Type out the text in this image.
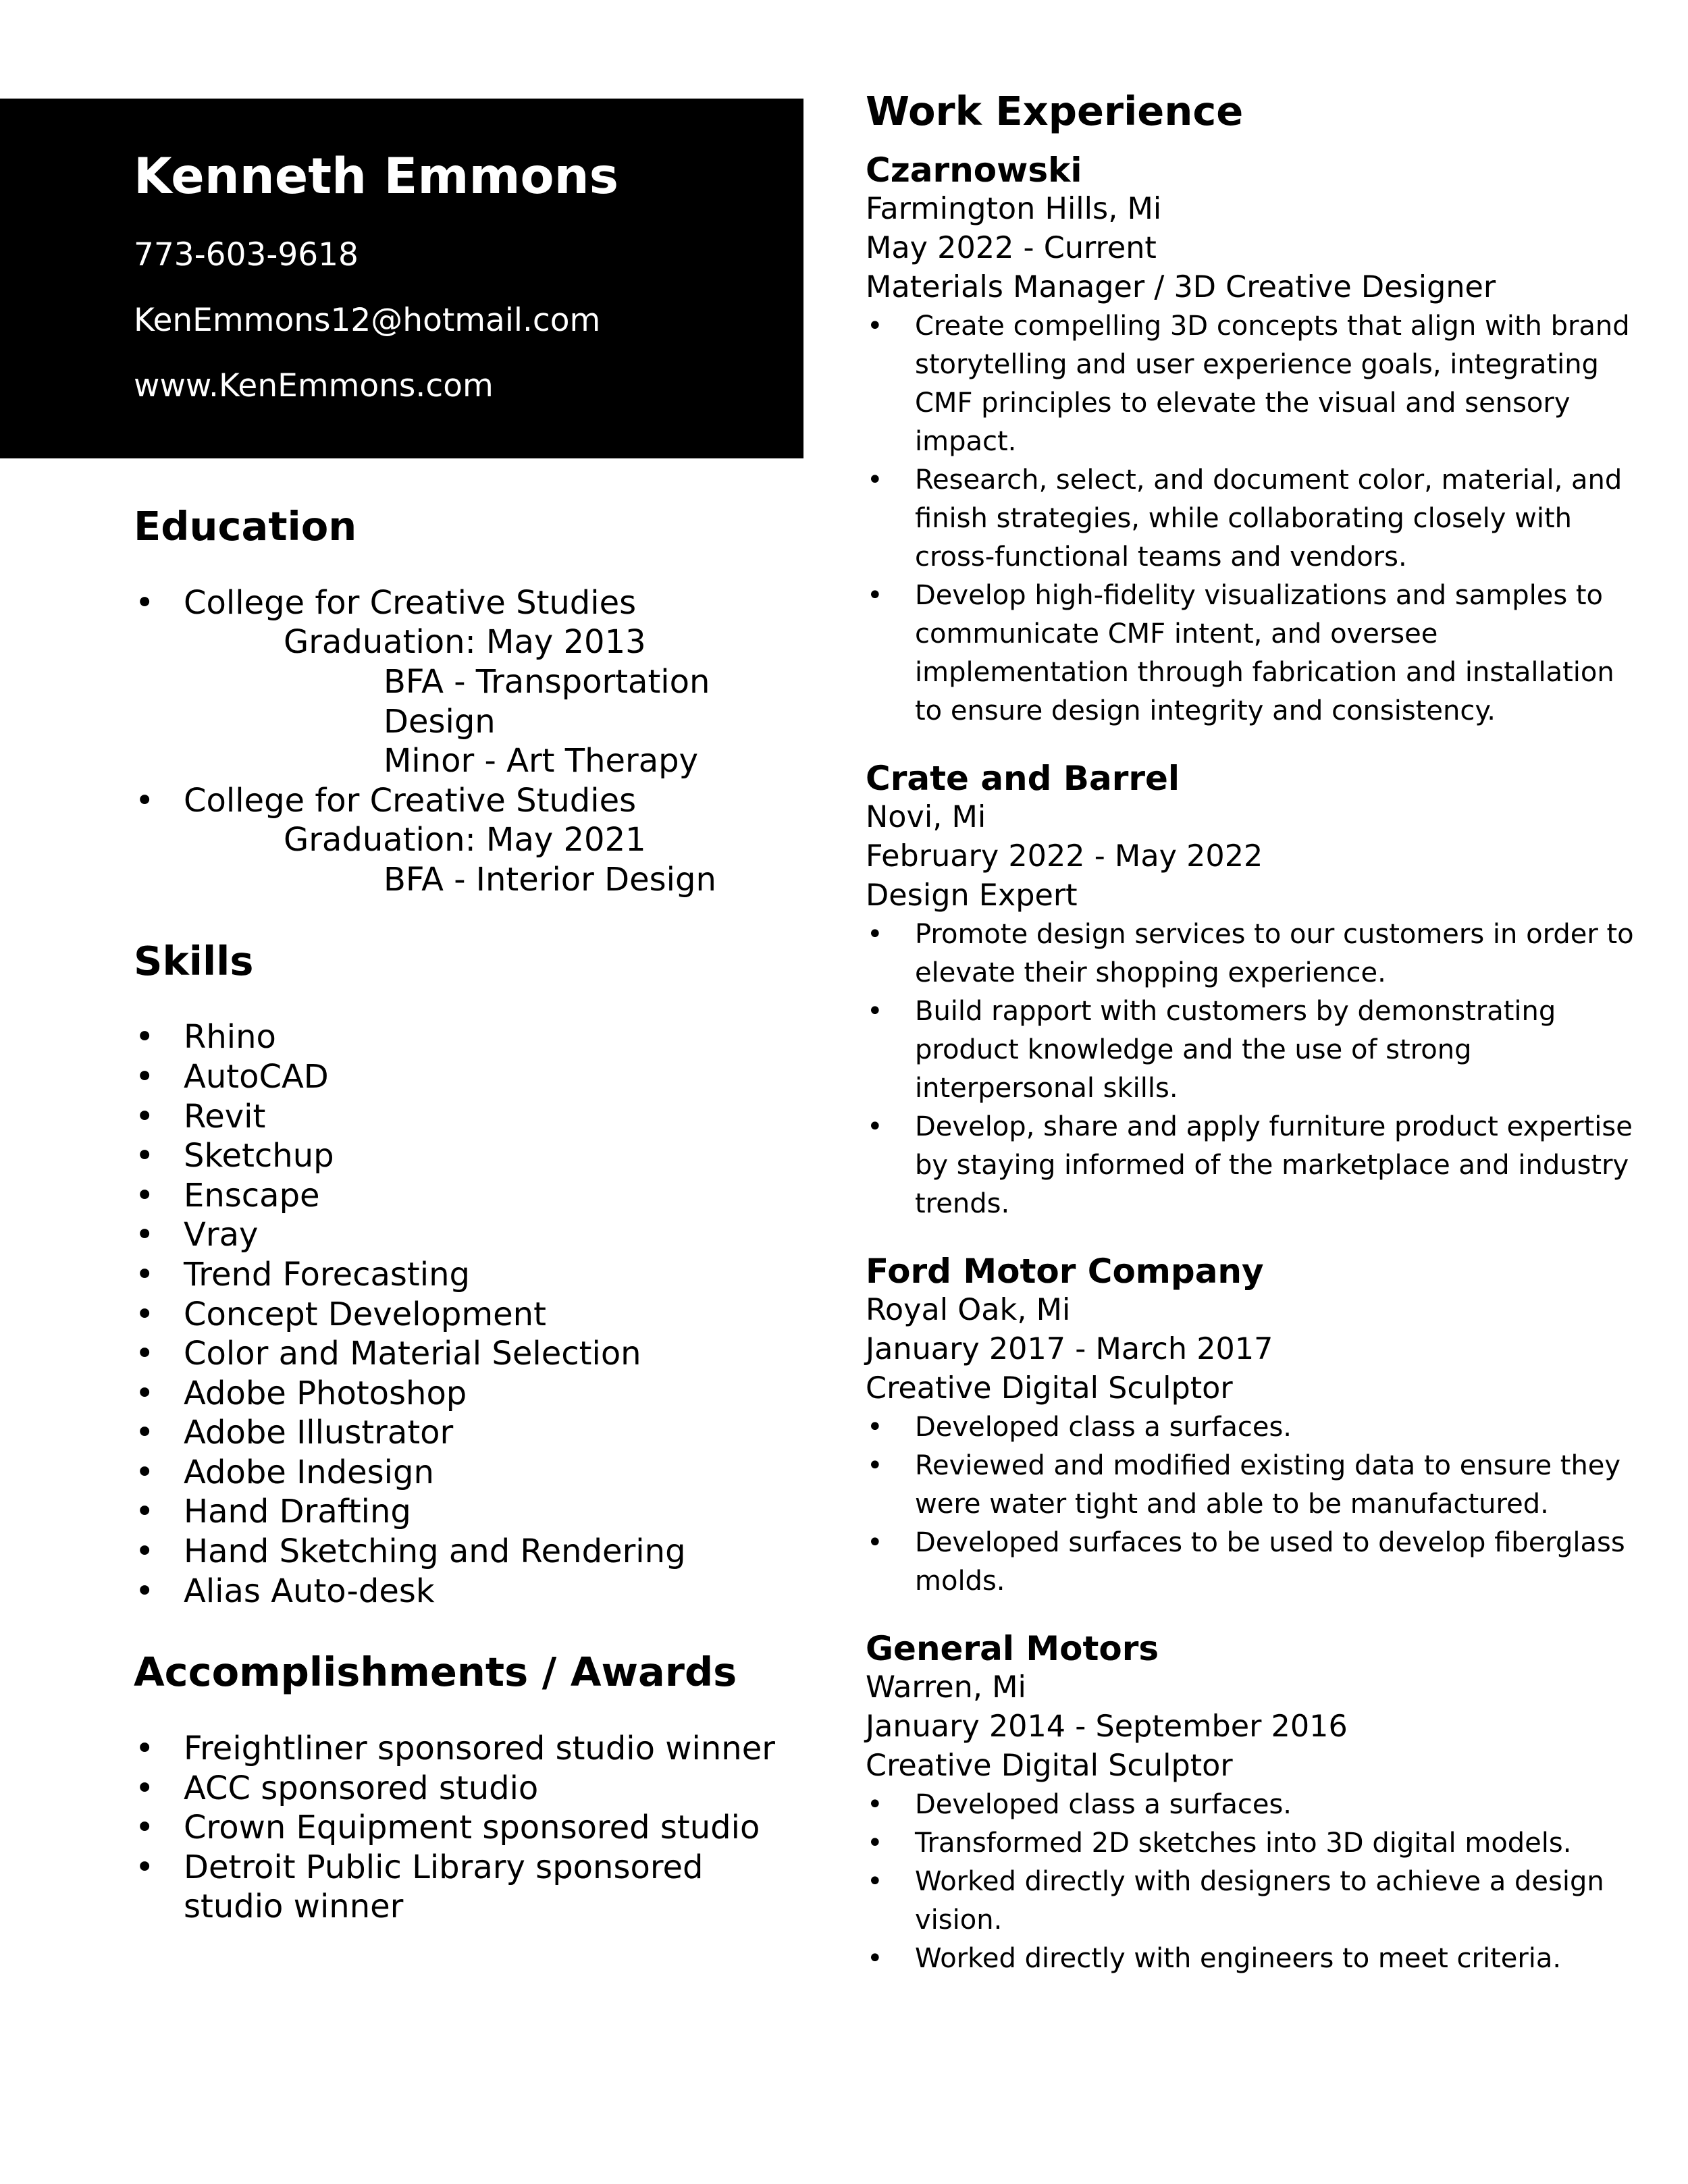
Kenneth Emmons

773-603-9618

KenEmmons12@hotmail.com

www.KenEmmons.com

Education
• College for Creative Studies
Graduation: May 2013
BFA - Transportation Design
Minor - Art Therapy
• College for Creative Studies
Graduation: May 2021
BFA - Interior Design
Skills
• Rhino
• AutoCAD
• Revit
• Sketchup
• Enscape
• Vray
• Trend Forecasting
• Concept Development
• Color and Material Selection
• Adobe Photoshop
• Adobe Illustrator
• Adobe Indesign
• Hand Drafting
• Hand Sketching and Rendering
• Alias Auto-desk
Accomplishments / Awards
• Freightliner sponsored studio winner
• ACC sponsored studio
• Crown Equipment sponsored studio
• Detroit Public Library sponsored studio winner
Work Experience

Czarnowski

Farmington Hills, Mi

May 2022 - Current

Materials Manager / 3D Creative Designer

• Create compelling 3D concepts that align with brand storytelling and user experience goals, integrating CMF principles to elevate the visual and sensory impact.
• Research, select, and document color, material, and finish strategies, while collaborating closely with cross-functional teams and vendors.
• Develop high-fidelity visualizations and samples to communicate CMF intent, and oversee implementation through fabrication and installation to ensure design integrity and consistency.

Crate and Barrel

Novi, Mi

February 2022 - May 2022

Design Expert

• Promote design services to our customers in order to elevate their shopping experience.
• Build rapport with customers by demonstrating product knowledge and the use of strong interpersonal skills.
• Develop, share and apply furniture product expertise by staying informed of the marketplace and industry trends.

Ford Motor Company

Royal Oak, Mi

January 2017 - March 2017

Creative Digital Sculptor

• Developed class a surfaces.
• Reviewed and modified existing data to ensure they were water tight and able to be manufactured.
• Developed surfaces to be used to develop fiberglass molds.

General Motors

Warren, Mi

January 2014 - September 2016

Creative Digital Sculptor

• Developed class a surfaces.
• Transformed 2D sketches into 3D digital models.
• Worked directly with designers to achieve a design vision.
• Worked directly with engineers to meet criteria.
